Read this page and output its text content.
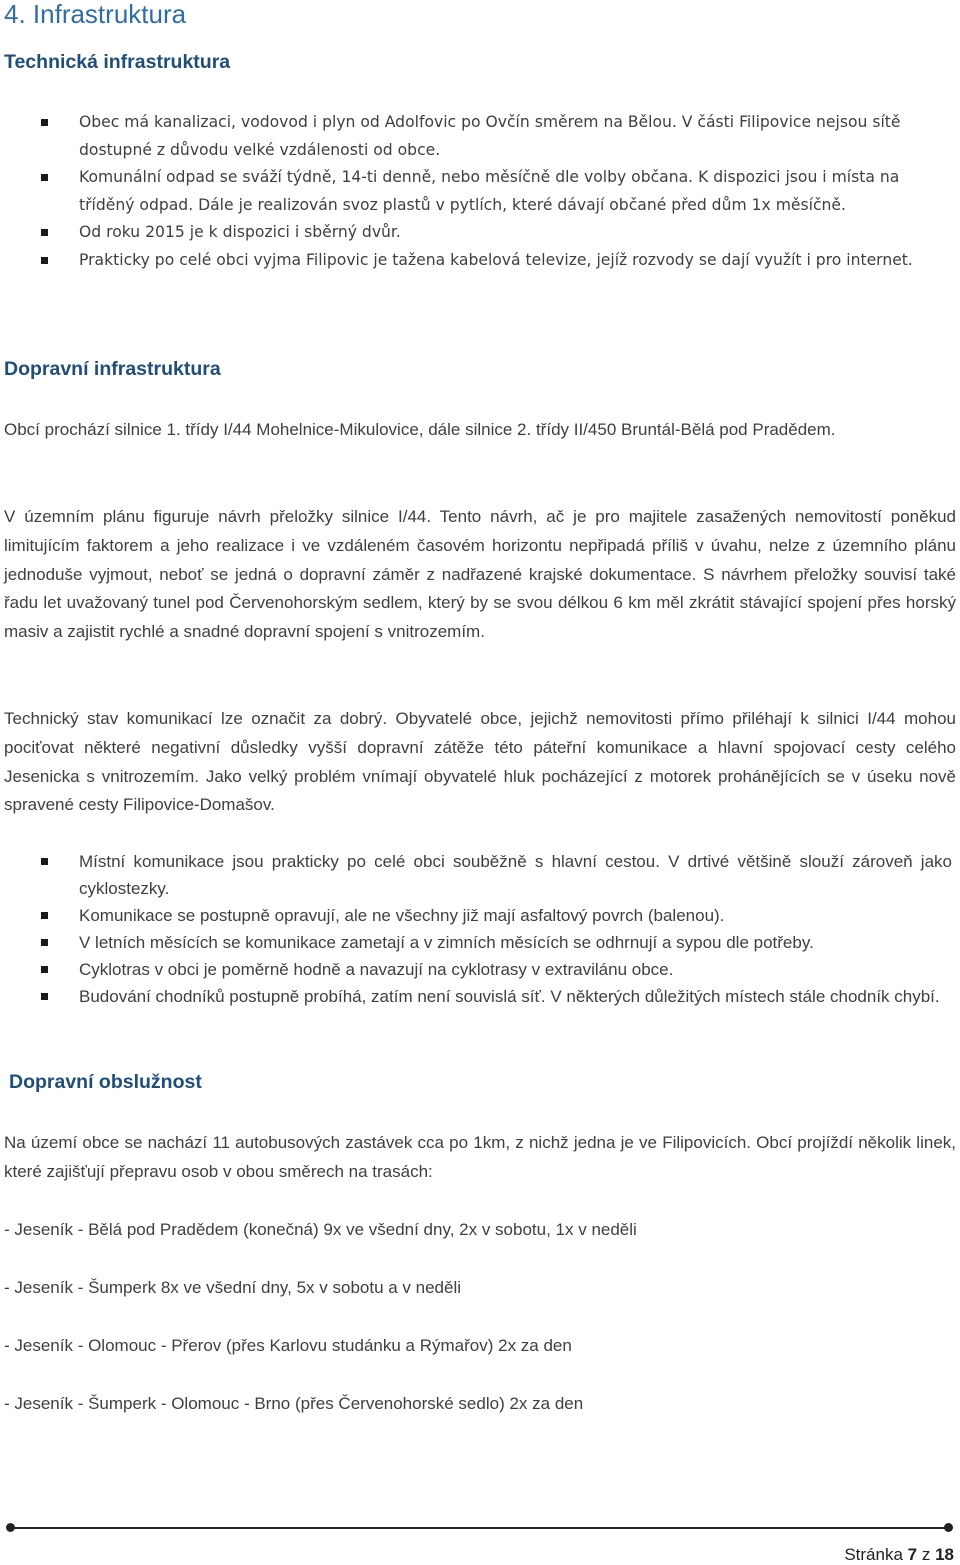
4. Infrastruktura
Technická infrastruktura
Obec má kanalizaci, vodovod i plyn od Adolfovic po Ovčín směrem na Bělou. V části Filipovice nejsou sítě dostupné z důvodu velké vzdálenosti od obce.
Komunální odpad se sváží týdně, 14-ti denně, nebo měsíčně dle volby občana. K dispozici jsou i místa na tříděný odpad. Dále je realizován svoz plastů v pytlích, které dávají občané před dům 1x měsíčně.
Od roku 2015 je k dispozici i sběrný dvůr.
Prakticky po celé obci vyjma Filipovic je tažena kabelová televize, jejíž rozvody se dají využít i pro internet.
Dopravní infrastruktura

Obcí prochází silnice 1. třídy I/44 Mohelnice-Mikulovice, dále silnice 2. třídy II/450 Bruntál-Bělá pod Pradědem.

V územním plánu figuruje návrh přeložky silnice I/44. Tento návrh, ač je pro majitele zasažených nemovitostí poněkud limitujícím faktorem a jeho realizace i ve vzdáleném časovém horizontu nepřipadá příliš v úvahu, nelze z územního plánu jednoduše vyjmout, neboť se jedná o dopravní záměr z nadřazené krajské dokumentace. S návrhem přeložky souvisí také řadu let uvažovaný tunel pod Červenohorským sedlem, který by se svou délkou 6 km měl zkrátit stávající spojení přes horský masiv a zajistit rychlé a snadné dopravní spojení s vnitrozemím.

Technický stav komunikací lze označit za dobrý. Obyvatelé obce, jejichž nemovitosti přímo přiléhají k silnici I/44 mohou pociťovat některé negativní důsledky vyšší dopravní zátěže této páteřní komunikace a hlavní spojovací cesty celého Jesenicka s vnitrozemím. Jako velký problém vnímají obyvatelé hluk pocházející z motorek prohánějících se v úseku nově spravené cesty Filipovice-Domašov.

Místní komunikace jsou prakticky po celé obci souběžně s hlavní cestou. V drtivé většině slouží zároveň jako cyklostezky.
Komunikace se postupně opravují, ale ne všechny již mají asfaltový povrch (balenou).
V letních měsících se komunikace zametají a v zimních měsících se odhrnují a sypou dle potřeby.
Cyklotras v obci je poměrně hodně a navazují na cyklotrasy v extravilánu obce.
Budování chodníků postupně probíhá, zatím není souvislá síť. V některých důležitých místech stále chodník chybí.
Dopravní obslužnost

Na území obce se nachází 11 autobusových zastávek cca po 1km, z nichž jedna je ve Filipovicích. Obcí projíždí několik linek, které zajišťují přepravu osob v obou směrech na trasách:

- Jeseník - Bělá pod Pradědem (konečná) 9x ve všední dny, 2x v sobotu, 1x v neděli

- Jeseník - Šumperk 8x ve všední dny, 5x v sobotu a v neděli

- Jeseník - Olomouc - Přerov (přes Karlovu studánku a Rýmařov) 2x za den

- Jeseník - Šumperk - Olomouc - Brno (přes Červenohorské sedlo) 2x za den

Stránka 7 z 18
